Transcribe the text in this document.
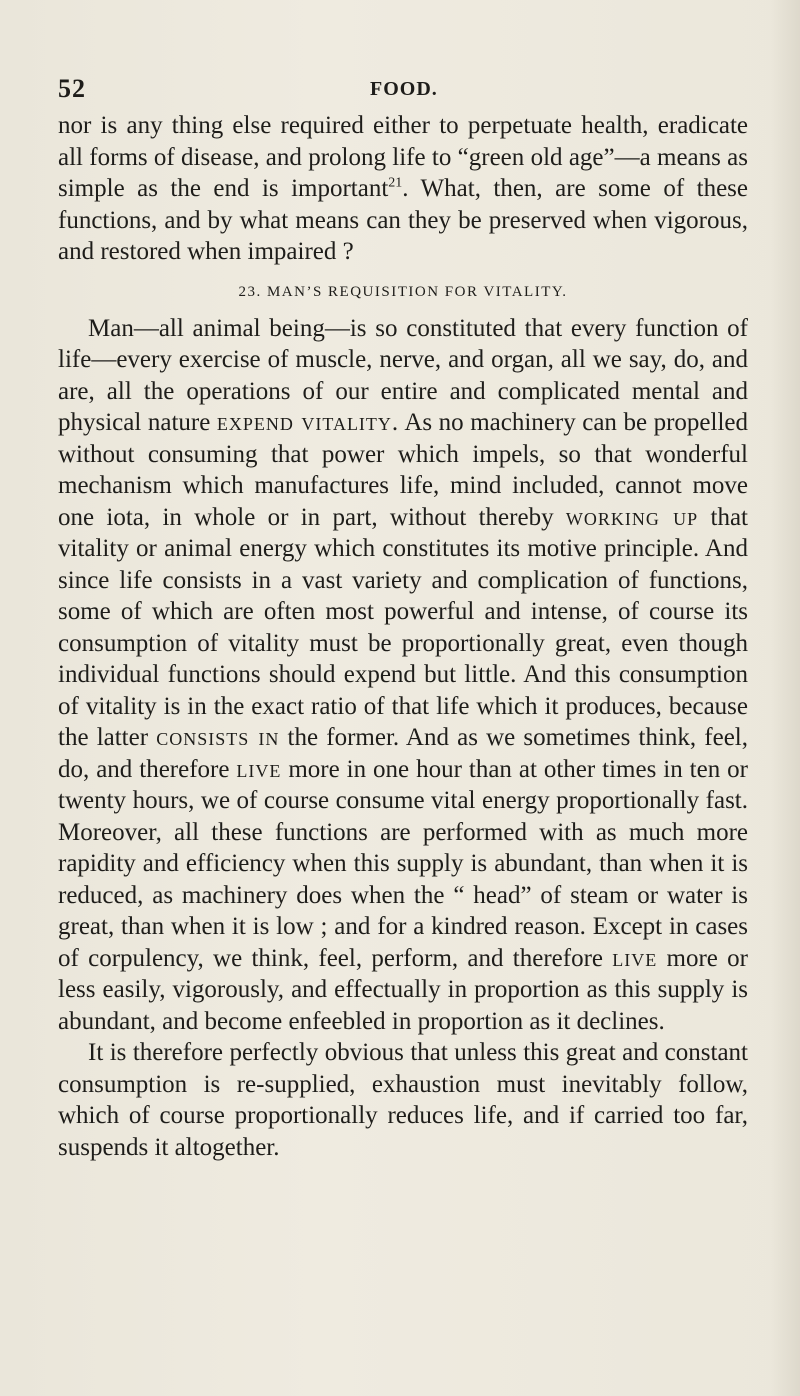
52	FOOD.

nor is any thing else required either to perpetuate health, eradicate all forms of disease, and prolong life to “green old age”—a means as simple as the end is important$^{21}$. What, then, are some of these functions, and by what means can they be preserved when vigorous, and restored when impaired ?

23. MAN’S REQUISITION FOR VITALITY.

Man—all animal being—is so constituted that every function of life—every exercise of muscle, nerve, and organ, all we say, do, and are, all the operations of our entire and complicated mental and physical nature expend vitality. As no machinery can be propelled without consuming that power which impels, so that wonderful mechanism which manufactures life, mind included, cannot move one iota, in whole or in part, without thereby working up that vitality or animal energy which constitutes its motive principle. And since life consists in a vast variety and complication of functions, some of which are often most powerful and intense, of course its consumption of vitality must be proportionally great, even though individual functions should expend but little. And this consumption of vitality is in the exact ratio of that life which it produces, because the latter consists in the former. And as we sometimes think, feel, do, and therefore live more in one hour than at other times in ten or twenty hours, we of course consume vital energy proportionally fast. Moreover, all these functions are performed with as much more rapidity and efficiency when this supply is abundant, than when it is reduced, as machinery does when the “ head” of steam or water is great, than when it is low ; and for a kindred reason. Except in cases of corpulency, we think, feel, perform, and therefore live more or less easily, vigorously, and effectually in proportion as this supply is abundant, and become enfeebled in proportion as it declines.

It is therefore perfectly obvious that unless this great and constant consumption is re-supplied, exhaustion must inevitably follow, which of course proportionally reduces life, and if carried too far, suspends it altogether.
